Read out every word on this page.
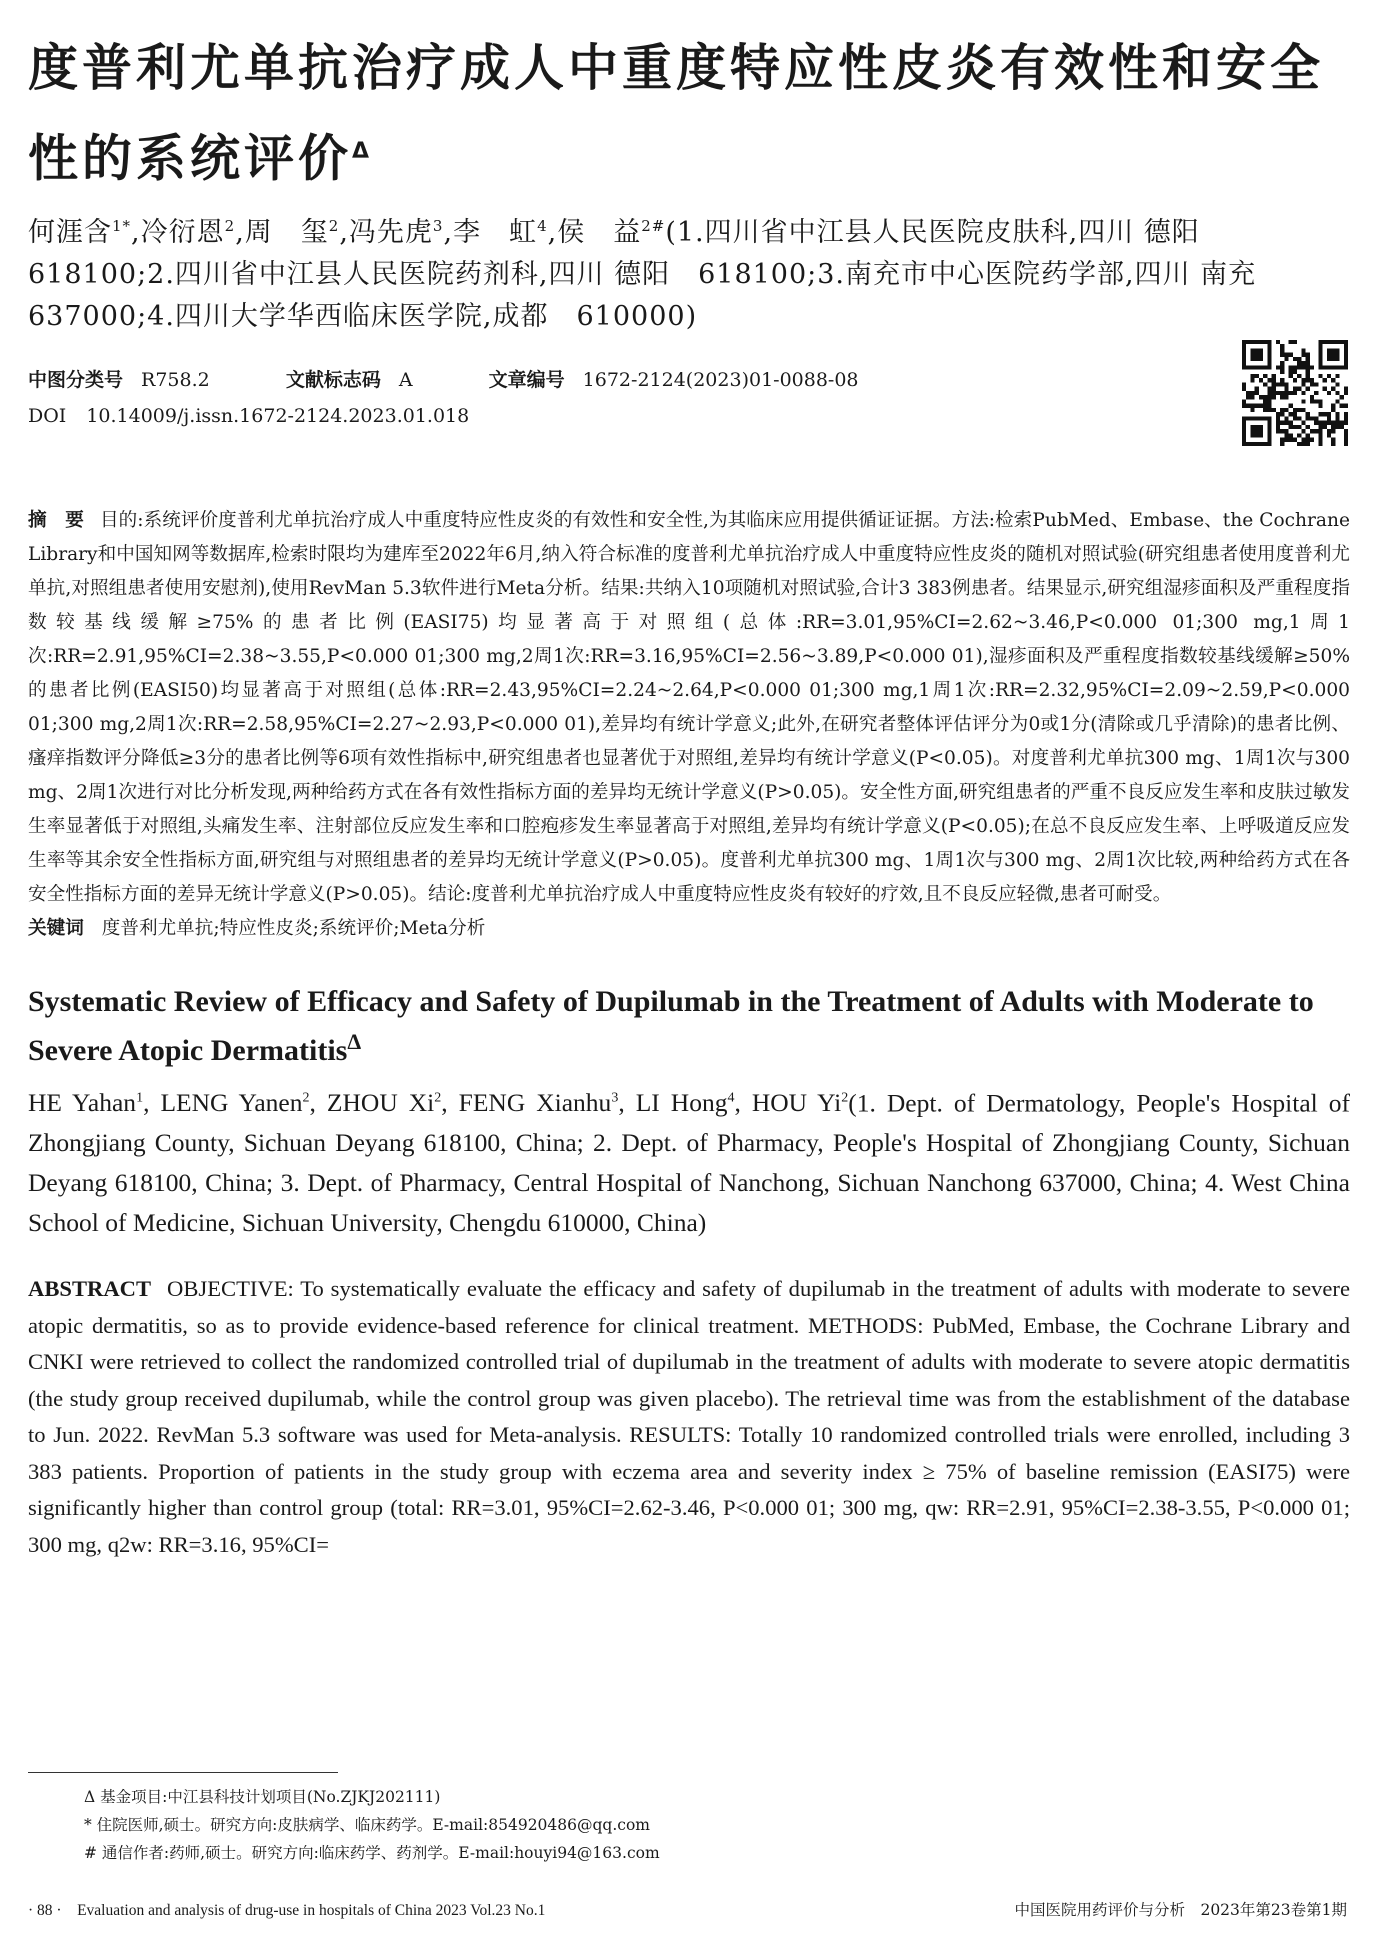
度普利尤单抗治疗成人中重度特应性皮炎有效性和安全性的系统评价$^\Delta$

何涯含$^{1*}$,冷衍恩$^2$,周　玺$^2$,冯先虎$^3$,李　虹$^4$,侯　益$^{2\#}$(1.四川省中江县人民医院皮肤科,四川 德阳 618100;2.四川省中江县人民医院药剂科,四川 德阳　618100;3.南充市中心医院药学部,四川 南充 637000;4.四川大学华西临床医学院,成都　610000)

中图分类号 R758.2	文献标志码 A	文章编号 1672-2124(2023)01-0088-08
DOI 10.14009/j.issn.1672-2124.2023.01.018

摘　要 目的:系统评价度普利尤单抗治疗成人中重度特应性皮炎的有效性和安全性,为其临床应用提供循证证据。方法:检索PubMed、Embase、the Cochrane Library和中国知网等数据库,检索时限均为建库至2022年6月,纳入符合标准的度普利尤单抗治疗成人中重度特应性皮炎的随机对照试验(研究组患者使用度普利尤单抗,对照组患者使用安慰剂),使用RevMan 5.3软件进行Meta分析。结果:共纳入10项随机对照试验,合计3 383例患者。结果显示,研究组湿疹面积及严重程度指数较基线缓解≥75%的患者比例(EASI75)均显著高于对照组(总体:RR=3.01,95%CI=2.62~3.46,P<0.000 01;300 mg,1周1次:RR=2.91,95%CI=2.38~3.55,P<0.000 01;300 mg,2周1次:RR=3.16,95%CI=2.56~3.89,P<0.000 01),湿疹面积及严重程度指数较基线缓解≥50%的患者比例(EASI50)均显著高于对照组(总体:RR=2.43,95%CI=2.24~2.64,P<0.000 01;300 mg,1周1次:RR=2.32,95%CI=2.09~2.59,P<0.000 01;300 mg,2周1次:RR=2.58,95%CI=2.27~2.93,P<0.000 01),差异均有统计学意义;此外,在研究者整体评估评分为0或1分(清除或几乎清除)的患者比例、瘙痒指数评分降低≥3分的患者比例等6项有效性指标中,研究组患者也显著优于对照组,差异均有统计学意义(P<0.05)。对度普利尤单抗300 mg、1周1次与300 mg、2周1次进行对比分析发现,两种给药方式在各有效性指标方面的差异均无统计学意义(P>0.05)。安全性方面,研究组患者的严重不良反应发生率和皮肤过敏发生率显著低于对照组,头痛发生率、注射部位反应发生率和口腔疱疹发生率显著高于对照组,差异均有统计学意义(P<0.05);在总不良反应发生率、上呼吸道反应发生率等其余安全性指标方面,研究组与对照组患者的差异均无统计学意义(P>0.05)。度普利尤单抗300 mg、1周1次与300 mg、2周1次比较,两种给药方式在各安全性指标方面的差异无统计学意义(P>0.05)。结论:度普利尤单抗治疗成人中重度特应性皮炎有较好的疗效,且不良反应轻微,患者可耐受。

关键词 度普利尤单抗;特应性皮炎;系统评价;Meta分析

Systematic Review of Efficacy and Safety of Dupilumab in the Treatment of Adults with Moderate to Severe Atopic Dermatitis$^\Delta$

HE Yahan$^1$, LENG Yanen$^2$, ZHOU Xi$^2$, FENG Xianhu$^3$, LI Hong$^4$, HOU Yi$^2$(1. Dept. of Dermatology, People's Hospital of Zhongjiang County, Sichuan Deyang 618100, China; 2. Dept. of Pharmacy, People's Hospital of Zhongjiang County, Sichuan Deyang 618100, China; 3. Dept. of Pharmacy, Central Hospital of Nanchong, Sichuan Nanchong 637000, China; 4. West China School of Medicine, Sichuan University, Chengdu 610000, China)

ABSTRACT OBJECTIVE: To systematically evaluate the efficacy and safety of dupilumab in the treatment of adults with moderate to severe atopic dermatitis, so as to provide evidence-based reference for clinical treatment. METHODS: PubMed, Embase, the Cochrane Library and CNKI were retrieved to collect the randomized controlled trial of dupilumab in the treatment of adults with moderate to severe atopic dermatitis (the study group received dupilumab, while the control group was given placebo). The retrieval time was from the establishment of the database to Jun. 2022. RevMan 5.3 software was used for Meta-analysis. RESULTS: Totally 10 randomized controlled trials were enrolled, including 3 383 patients. Proportion of patients in the study group with eczema area and severity index ≥ 75% of baseline remission (EASI75) were significantly higher than control group (total: RR=3.01, 95%CI=2.62-3.46, P<0.000 01; 300 mg, qw: RR=2.91, 95%CI=2.38-3.55, P<0.000 01; 300 mg, q2w: RR=3.16, 95%CI=

Δ 基金项目:中江县科技计划项目(No.ZJKJ202111)

* 住院医师,硕士。研究方向:皮肤病学、临床药学。E-mail:854920486@qq.com

# 通信作者:药师,硕士。研究方向:临床药学、药剂学。E-mail:houyi94@163.com

· 88 ·　Evaluation and analysis of drug-use in hospitals of China 2023 Vol.23 No.1	中国医院用药评价与分析　2023年第23卷第1期
